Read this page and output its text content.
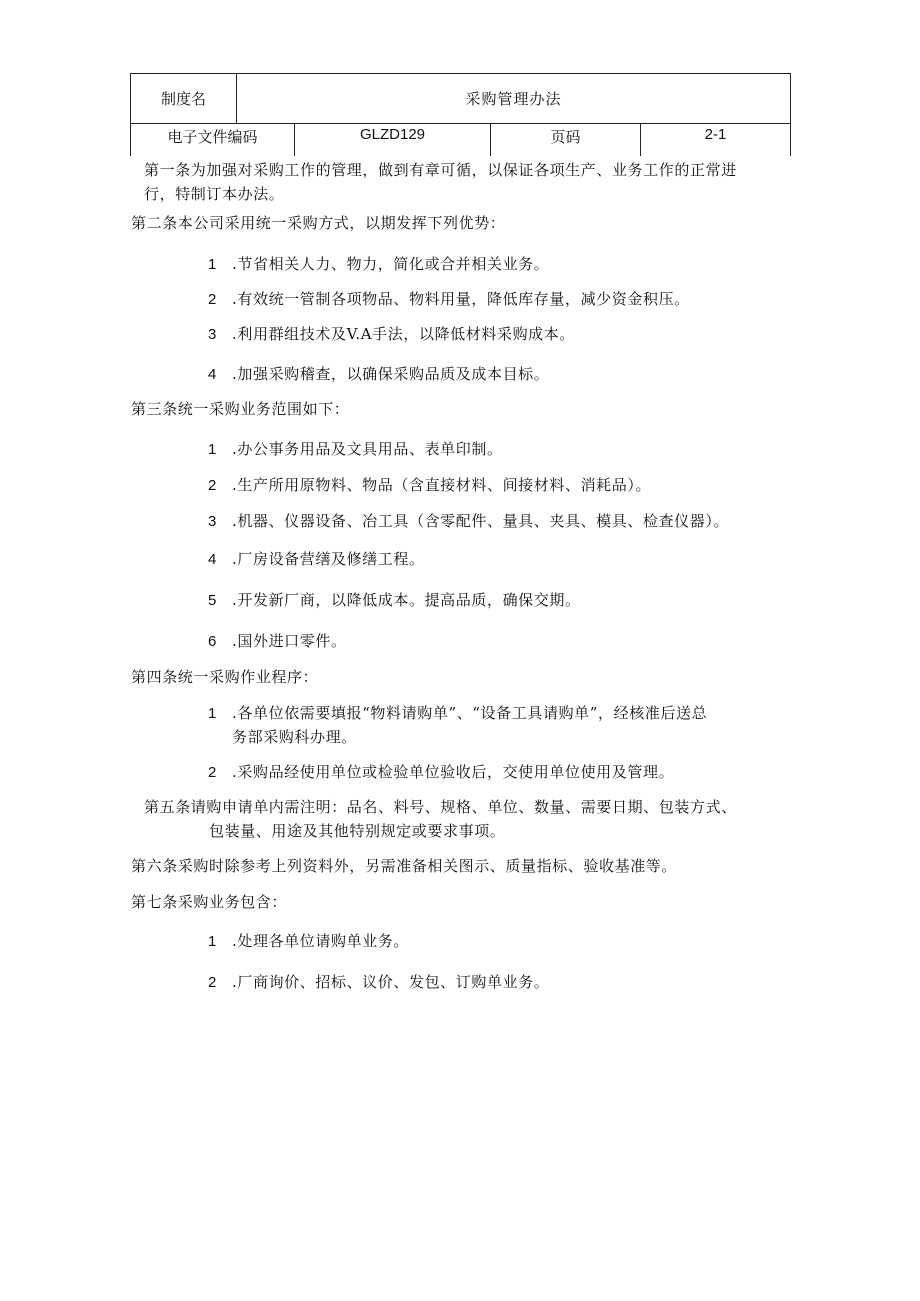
制度名	采购管理办法			
电子文件编码		GLZD129	页码	2-1
第一条为加强对采购工作的管理，做到有章可循，以保证各项生产、业务工作的正常进
行，特制订本办法。
第二条本公司采用统一采购方式，以期发挥下列优势：
1 .节省相关人力、物力，简化或合并相关业务。
2 .有效统一管制各项物品、物料用量，降低库存量，减少资金积压。
3 .利用群组技术及V.A手法，以降低材料采购成本。
4 .加强采购稽查，以确保采购品质及成本目标。
第三条统一采购业务范围如下：
1 .办公事务用品及文具用品、表单印制。
2 .生产所用原物料、物品（含直接材料、间接材料、消耗品）。
3 .机器、仪器设备、冶工具（含零配件、量具、夹具、模具、检查仪器）。
4 .厂房设备营缮及修缮工程。
5 .开发新厂商，以降低成本。提高品质，确保交期。
6 .国外进口零件。
第四条统一采购作业程序：
1 .各单位依需要填报“物料请购单”、“设备工具请购单”，经核准后送总
务部采购科办理。
2 .采购品经使用单位或检验单位验收后，交使用单位使用及管理。
第五条请购申请单内需注明：品名、料号、规格、单位、数量、需要日期、包装方式、
包装量、用途及其他特别规定或要求事项。
第六条采购时除参考上列资料外，另需准备相关图示、质量指标、验收基准等。
第七条采购业务包含：
1 .处理各单位请购单业务。
2 .厂商询价、招标、议价、发包、订购单业务。
